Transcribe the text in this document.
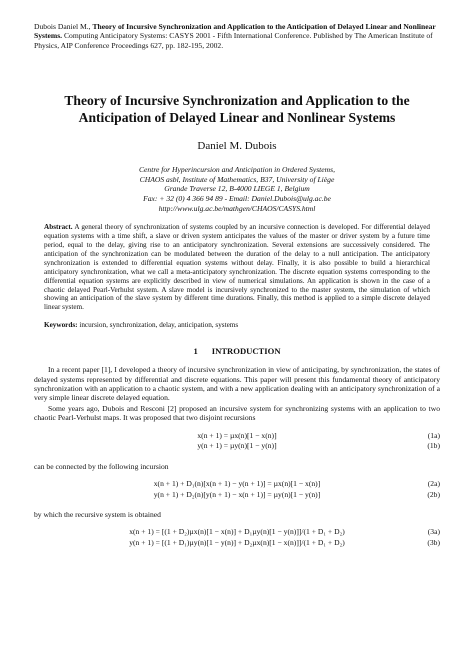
Dubois Daniel M., Theory of Incursive Synchronization and Application to the Anticipation of Delayed Linear and Nonlinear Systems. Computing Anticipatory Systems: CASYS 2001 - Fifth International Conference. Published by The American Institute of Physics, AIP Conference Proceedings 627, pp. 182-195, 2002.
Theory of Incursive Synchronization and Application to the
Anticipation of Delayed Linear and Nonlinear Systems
Daniel M. Dubois
Centre for Hyperincursion and Anticipation in Ordered Systems,
CHAOS asbl, Institute of Mathematics, B37, University of Liège
Grande Traverse 12, B-4000 LIEGE 1, Belgium
Fax: + 32 (0) 4 366 94 89 - Email: Daniel.Dubois@ulg.ac.be
http://www.ulg.ac.be/mathgen/CHAOS/CASYS.html
Abstract. A general theory of synchronization of systems coupled by an incursive connection is developed. For differential delayed equation systems with a time shift, a slave or driven system anticipates the values of the master or driver system by a future time period, equal to the delay, giving rise to an anticipatory synchronization. Several extensions are successively considered. The anticipation of the synchronization can be modulated between the duration of the delay to a null anticipation. The anticipatory synchronization is extended to differential equation systems without delay. Finally, it is also possible to build a hierarchical anticipatory synchronization, what we call a meta-anticipatory synchronization. The discrete equation systems corresponding to the differential equation systems are explicitly described in view of numerical simulations. An application is shown in the case of a chaotic delayed Pearl-Verhulst system. A slave model is incursively synchronized to the master system, the simulation of which showing an anticipation of the slave system by different time durations. Finally, this method is applied to a simple discrete delayed linear system.
Keywords: incursion, synchronization, delay, anticipation, systems
1 INTRODUCTION
In a recent paper [1], I developed a theory of incursive synchronization in view of anticipating, by synchronization, the states of delayed systems represented by differential and discrete equations. This paper will present this fundamental theory of anticipatory synchronization with an application to a chaotic system, and with a new application dealing with an anticipatory synchronization of a very simple linear discrete delayed equation.
Some years ago, Dubois and Resconi [2] proposed an incursive system for synchronizing systems with an application to two chaotic Pearl-Verhulst maps. It was proposed that two disjoint recursions
x(n + 1) = µx(n)[1 − x(n)]	(1a)
y(n + 1) = µy(n)[1 − y(n)]	(1b)
can be connected by the following incursion
x(n + 1) + D₁(n)[x(n + 1) − y(n + 1)] = µx(n)[1 − x(n)]	(2a)
y(n + 1) + D₂(n)[y(n + 1) − x(n + 1)] = µy(n)[1 − y(n)]	(2b)
by which the recursive system is obtained
x(n + 1) = [(1 + D₂)µx(n)[1 − x(n)] + D₁µy(n)[1 − y(n)]]/(1 + D₁ + D₂)	(3a)
y(n + 1) = [(1 + D₁)µy(n)[1 − y(n)] + D₂µx(n)[1 − x(n)]]/(1 + D₁ + D₂)	(3b)
